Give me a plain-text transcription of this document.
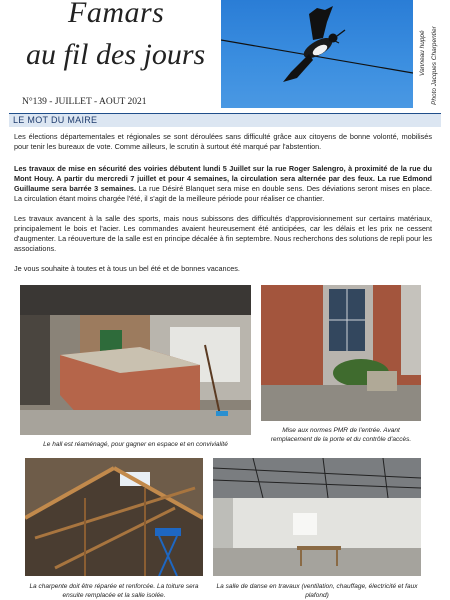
Famars
au fil des jours
N°139 - JUILLET - AOUT 2021
Vanneau huppé Photo Jacques Charpentier
LE MOT DU MAIRE
Les élections départementales et régionales se sont déroulées sans difficulté grâce aux citoyens de bonne volonté, mobilisés pour tenir les bureaux de vote. Comme ailleurs, le scrutin à surtout été marqué par l'abstention.
Les travaux de mise en sécurité des voiries débutent lundi 5 Juillet sur la rue Roger Salengro, à proximité de la rue du Mont Houy. A partir du mercredi 7 juillet et pour 4 semaines, la circulation sera alternée par des feux. La rue Edmond Guillaume sera barrée 3 semaines. La rue Désiré Blanquet sera mise en double sens. Des déviations seront mises en place. La circulation étant moins chargée l'été, il s'agit de la meilleure période pour réaliser ce chantier.
Les travaux avancent à la salle des sports, mais nous subissons des difficultés d'approvisionnement sur certains matériaux, principalement le bois et l'acier. Les commandes avaient heureusement été anticipées, car les délais et les prix ne cessent d'augmenter. La réouverture de la salle est en principe décalée à fin septembre. Nous recherchons des solutions de repli pour les associations.
Je vous souhaite à toutes et à tous un bel été et de bonnes vacances.
Le hall est réaménagé, pour gagner en espace et en convivialité
Mise aux normes PMR de l'entrée. Avant remplacement de la porte et du contrôle d'accès.
La charpente doit être réparée et renforcée. La toiture sera ensuite remplacée et la salle isolée.
La salle de danse en travaux (ventilation, chauffage, électricité et faux plafond)
